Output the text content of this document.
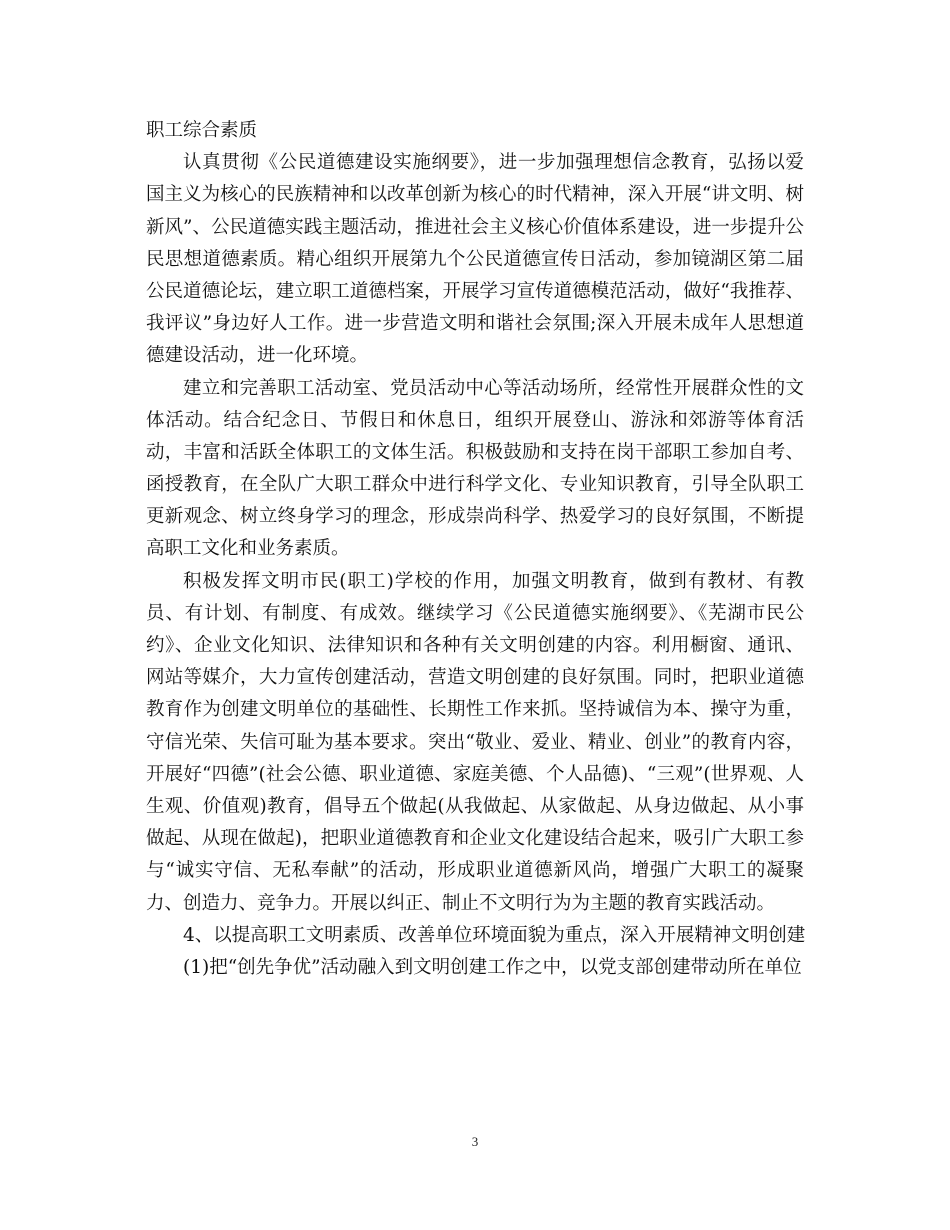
职工综合素质
认真贯彻《公民道德建设实施纲要》，进一步加强理想信念教育，弘扬以爱
国主义为核心的民族精神和以改革创新为核心的时代精神，深入开展“讲文明、树
新风”、公民道德实践主题活动，推进社会主义核心价值体系建设，进一步提升公
民思想道德素质。精心组织开展第九个公民道德宣传日活动，参加镜湖区第二届
公民道德论坛，建立职工道德档案，开展学习宣传道德模范活动，做好“我推荐、
我评议”身边好人工作。进一步营造文明和谐社会氛围;深入开展未成年人思想道
德建设活动，进一化环境。
建立和完善职工活动室、党员活动中心等活动场所，经常性开展群众性的文
体活动。结合纪念日、节假日和休息日，组织开展登山、游泳和郊游等体育活
动，丰富和活跃全体职工的文体生活。积极鼓励和支持在岗干部职工参加自考、
函授教育，在全队广大职工群众中进行科学文化、专业知识教育，引导全队职工
更新观念、树立终身学习的理念，形成崇尚科学、热爱学习的良好氛围，不断提
高职工文化和业务素质。
积极发挥文明市民(职工)学校的作用，加强文明教育，做到有教材、有教
员、有计划、有制度、有成效。继续学习《公民道德实施纲要》、《芜湖市民公
约》、企业文化知识、法律知识和各种有关文明创建的内容。利用橱窗、通讯、
网站等媒介，大力宣传创建活动，营造文明创建的良好氛围。同时，把职业道德
教育作为创建文明单位的基础性、长期性工作来抓。坚持诚信为本、操守为重，
守信光荣、失信可耻为基本要求。突出“敬业、爱业、精业、创业”的教育内容，
开展好“四德”(社会公德、职业道德、家庭美德、个人品德)、“三观”(世界观、人
生观、价值观)教育，倡导五个做起(从我做起、从家做起、从身边做起、从小事
做起、从现在做起)，把职业道德教育和企业文化建设结合起来，吸引广大职工参
与“诚实守信、无私奉献”的活动，形成职业道德新风尚，增强广大职工的凝聚
力、创造力、竞争力。开展以纠正、制止不文明行为为主题的教育实践活动。
4、以提高职工文明素质、改善单位环境面貌为重点，深入开展精神文明创建
(1)把“创先争优”活动融入到文明创建工作之中，以党支部创建带动所在单位
3
